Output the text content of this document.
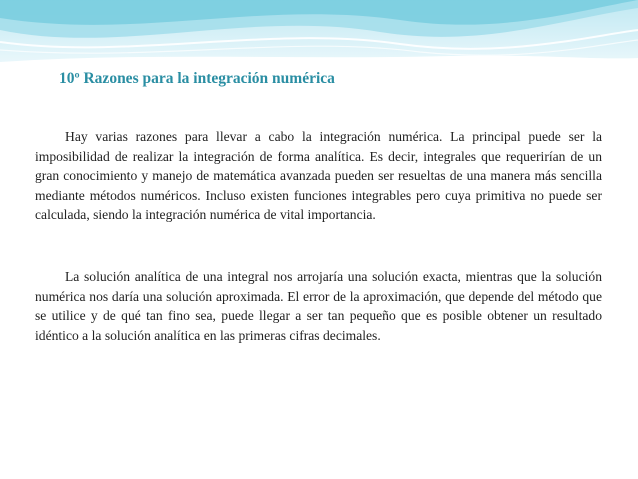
10º Razones para la integración numérica

Hay varias razones para llevar a cabo la integración numérica. La principal puede ser la imposibilidad de realizar la integración de forma analítica. Es decir, integrales que requerirían de un gran conocimiento y manejo de matemática avanzada pueden ser resueltas de una manera más sencilla mediante métodos numéricos. Incluso existen funciones integrables pero cuya primitiva no puede ser calculada, siendo la integración numérica de vital importancia.

La solución analítica de una integral nos arrojaría una solución exacta, mientras que la solución numérica nos daría una solución aproximada. El error de la aproximación, que depende del método que se utilice y de qué tan fino sea, puede llegar a ser tan pequeño que es posible obtener un resultado idéntico a la solución analítica en las primeras cifras decimales.
